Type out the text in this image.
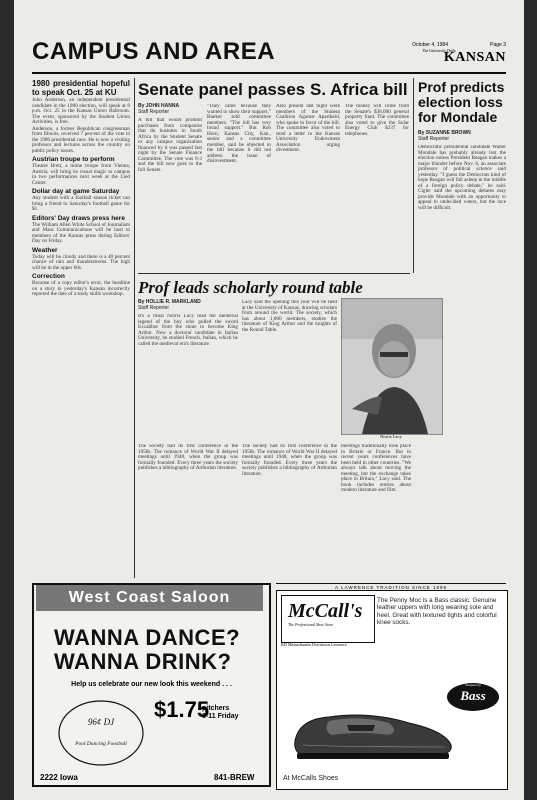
CAMPUS AND AREA	October 4, 1984	Page 3
The University Daily
KANSAN
1980 presidential hopeful to speak Oct. 25 at KU

John Anderson, an independent presidential candidate in the 1980 election, will speak at 8 p.m. Oct. 25 in the Kansas Union Ballroom. The event, sponsored by the Student Union Activities, is free.

Anderson, a former Republican congressman from Illinois, received 7 percent of the vote in the 1980 presidential race. He is now a visiting professor and lectures across the country on public policy issues.

Austrian troupe to perform

Theatre Brett, a mime troupe from Vienna, Austria, will bring its visual magic to campus in two performances next week at the Lied Center.

Dollar day at game Saturday

Any student with a football season ticket can bring a friend to Saturday's football game for $1.

Editors' Day draws press here

The William Allen White School of Journalism and Mass Communications will be host to members of the Kansas press during Editors' Day on Friday.

Weather

Today will be cloudy and there is a 40 percent chance of rain and thunderstorms. The high will be in the upper 60s.

Correction

Because of a copy editor's error, the headline on a story in yesterday's Kansan incorrectly reported the date of a study skills workshop.

Senate panel passes S. Africa bill
By JOHN HANNA
Staff Reporter
A bill that would prohibit purchases from companies that do business in South Africa by the Student Senate or any campus organization financed by it was passed last night by the Senate Finance Committee. The vote was 6-3 and the bill now goes to the full Senate.
"They came because they wanted to show their support," Bueker told committee members. "The bill has very broad support." But Rob Horn, Kansas City, Kan., senior and a committee member, said he objected to the bill because it did not address the issue of disinvestment.
Also present last night were members of the Student Coalition Against Apartheid, who spoke in favor of the bill. The committee also voted to send a letter to the Kansas University Endowment Association urging divestment.
The money will come from the Senate's $38,000 general property fund. The committee also voted to give the Solar Energy Club $237 for telephones.
Prof predicts election loss for Mondale
By SUZANNE BROWN
Staff Reporter
Democratic presidential candidate Walter Mondale has probably already lost the election unless President Reagan makes a major blunder before Nov. 6, an associate professor of political science said yesterday. "I guess the Democrats kind of hope Reagan will fall asleep in the middle of a foreign policy debate," he said. Cigler said the upcoming debates may provide Mondale with an opportunity to appeal to undecided voters, but the race will be difficult.
Prof leads scholarly round table
By HOLLIE R. MARKLAND
Staff Reporter
It's a ritual Norris Lacy read the medieval legend of the boy who pulled the sword Excalibur from the stone to become King Arthur. Now a doctoral candidate in Italian University, he studied French, Italian, which he called the medieval era's literature.
Lacy said the opening this year will be held at the University of Kansas, drawing scholars from around the world. The society, which has about 1,800 members, studies the literature of King Arthur and the knights of the Round Table.
Norris Lacy
The society had its first conference in the 1950s. The romance of World War II delayed meetings until 1948, when the group was formally founded. Every three years the society publishes a bibliography of Arthurian literature.
The society had its first conference in the 1950s. The romance of World War II delayed meetings until 1948, when the group was formally founded. Every three years the society publishes a bibliography of Arthurian literature.
meetings traditionally took place in Britain or France. But in recent years conferences have been held in other countries. "We always talk about moving the meeting, but the exchange takes place in Britain," Lacy said. The book includes entries about modern literature and film.
West Coast Saloon
WANNA DANCE?
WANNA DRINK?
Help us celebrate our new look this weekend . . .
96¢ DJ
Pool Dancing Foosball
$1.75
pitchers
8-11 Friday
2222 Iowa	841-BREW
A LAWRENCE TRADITION SINCE 1899
McCall's
The Professional Shoe Store
845 Massachusetts Downtown Lawrence
The Penny Moc is a Bass classic. Genuine leather uppers with long wearing sole and heel. Great with textured tights and colorful knee socks.
Sunjuns by
Bass
At McCalls Shoes
